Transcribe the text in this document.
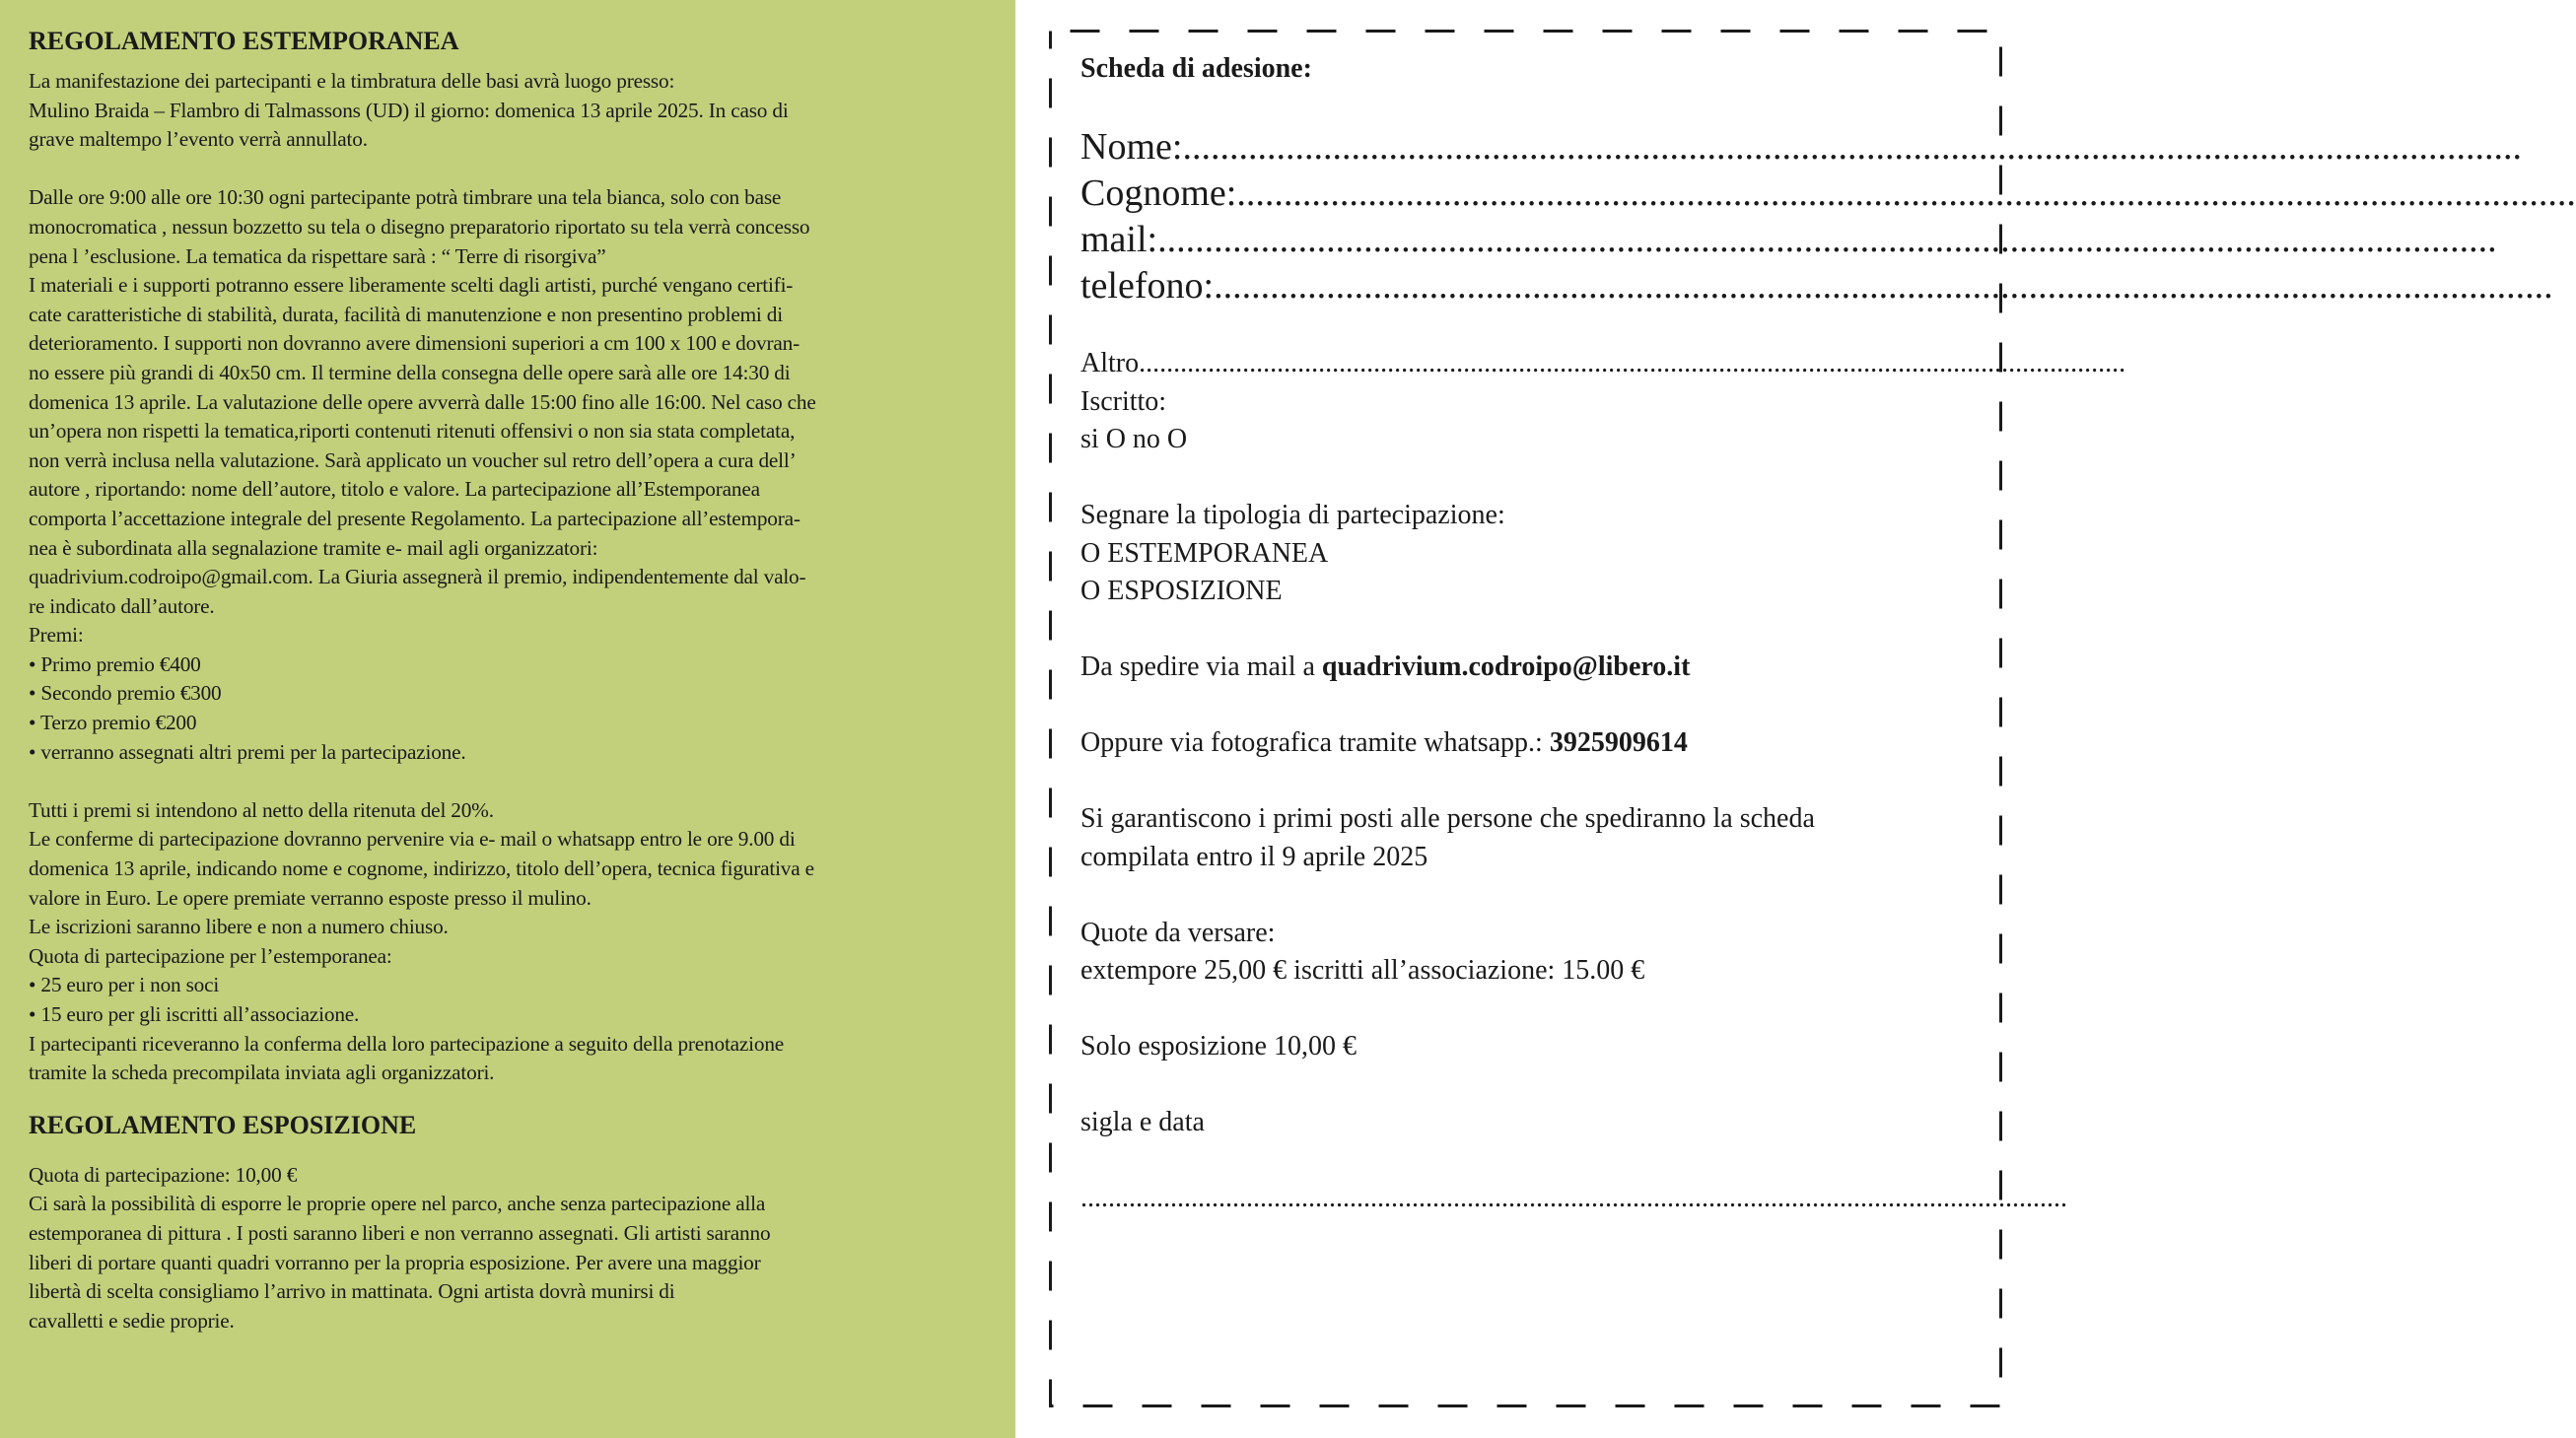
REGOLAMENTO ESTEMPORANEA

La manifestazione dei partecipanti e la timbratura delle basi avrà luogo presso:

Mulino Braida – Flambro di Talmassons (UD) il giorno: domenica 13 aprile 2025. In caso di

grave maltempo l’evento verrà annullato.

Dalle ore 9:00 alle ore 10:30 ogni partecipante potrà timbrare una tela bianca, solo con base

monocromatica , nessun bozzetto su tela o disegno preparatorio riportato su tela verrà concesso

pena l ’esclusione. La tematica da rispettare sarà : “ Terre di risorgiva”

I materiali e i supporti potranno essere liberamente scelti dagli artisti, purché vengano certifi-

cate caratteristiche di stabilità, durata, facilità di manutenzione e non presentino problemi di

deterioramento. I supporti non dovranno avere dimensioni superiori a cm 100 x 100 e dovran-

no essere più grandi di 40x50 cm. Il termine della consegna delle opere sarà alle ore 14:30 di

domenica 13 aprile. La valutazione delle opere avverrà dalle 15:00 fino alle 16:00. Nel caso che

un’opera non rispetti la tematica,riporti contenuti ritenuti offensivi o non sia stata completata,

non verrà inclusa nella valutazione. Sarà applicato un voucher sul retro dell’opera a cura dell’

autore , riportando: nome dell’autore, titolo e valore. La partecipazione all’Estemporanea

comporta l’accettazione integrale del presente Regolamento. La partecipazione all’estempora-

nea è subordinata alla segnalazione tramite e- mail agli organizzatori:

quadrivium.codroipo@gmail.com. La Giuria assegnerà il premio, indipendentemente dal valo-

re indicato dall’autore.

Premi:

• Primo premio €400

• Secondo premio €300

• Terzo premio €200

• verranno assegnati altri premi per la partecipazione.

Tutti i premi si intendono al netto della ritenuta del 20%.

Le conferme di partecipazione dovranno pervenire via e- mail o whatsapp entro le ore 9.00 di

domenica 13 aprile, indicando nome e cognome, indirizzo, titolo dell’opera, tecnica figurativa e

valore in Euro. Le opere premiate verranno esposte presso il mulino.

Le iscrizioni saranno libere e non a numero chiuso.

Quota di partecipazione per l’estemporanea:

• 25 euro per i non soci

• 15 euro per gli iscritti all’associazione.

I partecipanti riceveranno la conferma della loro partecipazione a seguito della prenotazione

tramite la scheda precompilata inviata agli organizzatori.

REGOLAMENTO ESPOSIZIONE

Quota di partecipazione: 10,00 €

Ci sarà la possibilità di esporre le proprie opere nel parco, anche senza partecipazione alla

estemporanea di pittura . I posti saranno liberi e non verranno assegnati. Gli artisti saranno

liberi di portare quanti quadri vorranno per la propria esposizione. Per avere una maggior

libertà di scelta consigliamo l’arrivo in mattinata. Ogni artista dovrà munirsi di

cavalletti e sedie proprie.

Scheda di adesione:

Nome:...............................................................................................................................................
Cognome:...............................................................................................................................................
mail:...............................................................................................................................................
telefono:...............................................................................................................................................
Altro...............................................................................................................................................

Iscritto:

si O no O

Segnare la tipologia di partecipazione:

O ESTEMPORANEA

O ESPOSIZIONE

Da spedire via mail a quadrivium.codroipo@libero.it

Oppure via fotografica tramite whatsapp.: 3925909614

Si garantiscono i primi posti alle persone che spediranno la scheda

compilata entro il 9 aprile 2025

Quote da versare:

extempore 25,00 € iscritti all’associazione: 15.00 €

Solo esposizione 10,00 €

sigla e data

...............................................................................................................................................
